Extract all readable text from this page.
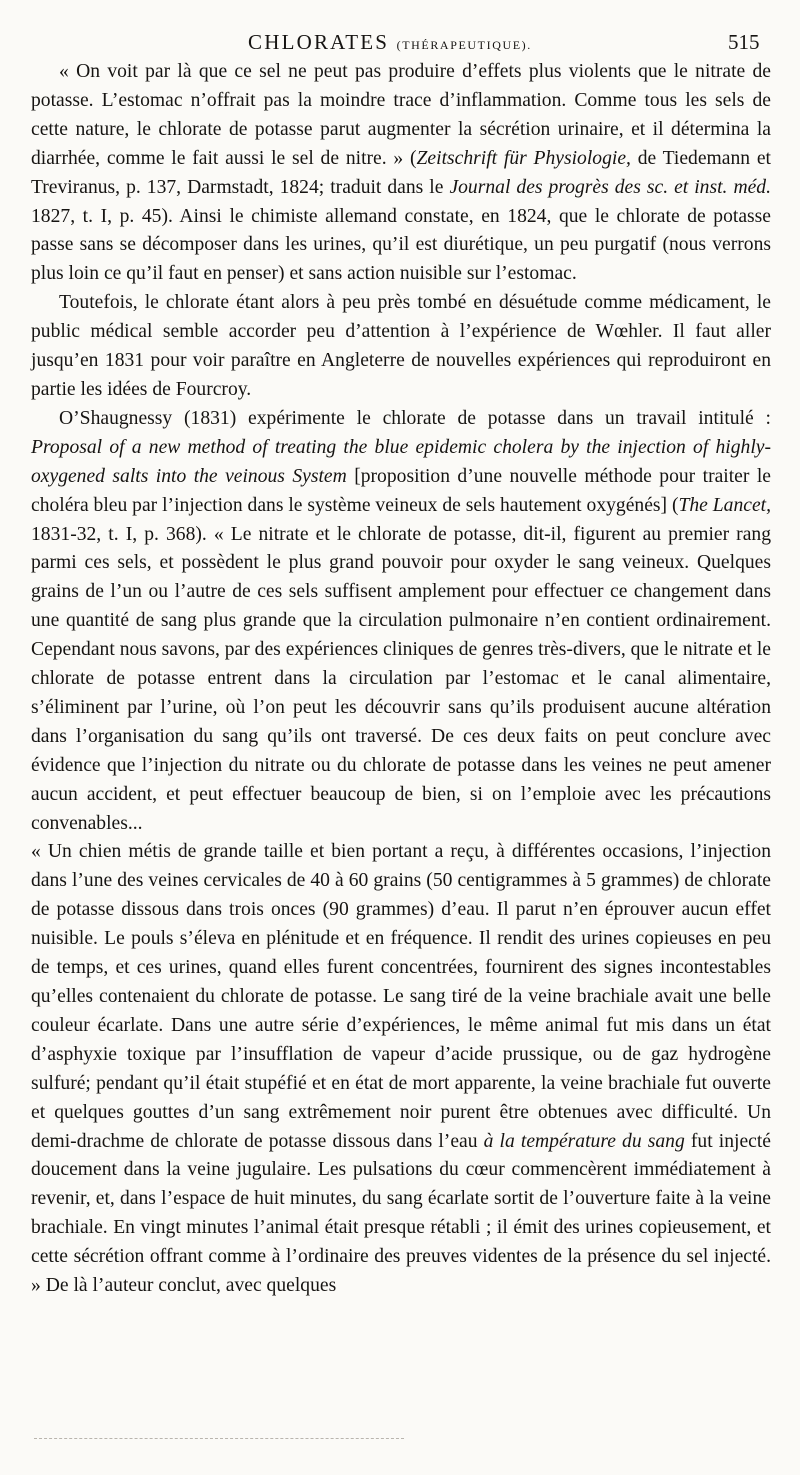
CHLORATES (THÉRAPEUTIQUE).	515

« On voit par là que ce sel ne peut pas produire d’effets plus violents que le nitrate de potasse. L’estomac n’offrait pas la moindre trace d’inflammation. Comme tous les sels de cette nature, le chlorate de potasse parut augmenter la sécrétion urinaire, et il détermina la diarrhée, comme le fait aussi le sel de nitre. » (Zeitschrift für Physiologie, de Tiedemann et Treviranus, p. 137, Darmstadt, 1824; traduit dans le Journal des progrès des sc. et inst. méd. 1827, t. I, p. 45). Ainsi le chimiste allemand constate, en 1824, que le chlorate de potasse passe sans se décomposer dans les urines, qu’il est diurétique, un peu purgatif (nous verrons plus loin ce qu’il faut en penser) et sans action nuisible sur l’estomac.

Toutefois, le chlorate étant alors à peu près tombé en désuétude comme médicament, le public médical semble accorder peu d’attention à l’expérience de Wœhler. Il faut aller jusqu’en 1831 pour voir paraître en Angleterre de nouvelles expériences qui reproduiront en partie les idées de Fourcroy.

O’Shaugnessy (1831) expérimente le chlorate de potasse dans un travail intitulé : Proposal of a new method of treating the blue epidemic cholera by the injection of highly-oxygened salts into the veinous System [proposition d’une nouvelle méthode pour traiter le choléra bleu par l’injection dans le système veineux de sels hautement oxygénés] (The Lancet, 1831-32, t. I, p. 368). « Le nitrate et le chlorate de potasse, dit-il, figurent au premier rang parmi ces sels, et possèdent le plus grand pouvoir pour oxyder le sang veineux. Quelques grains de l’un ou l’autre de ces sels suffisent amplement pour effectuer ce changement dans une quantité de sang plus grande que la circulation pulmonaire n’en contient ordinairement. Cependant nous savons, par des expériences cliniques de genres très-divers, que le nitrate et le chlorate de potasse entrent dans la circulation par l’estomac et le canal alimentaire, s’éliminent par l’urine, où l’on peut les découvrir sans qu’ils produisent aucune altération dans l’organisation du sang qu’ils ont traversé. De ces deux faits on peut conclure avec évidence que l’injection du nitrate ou du chlorate de potasse dans les veines ne peut amener aucun accident, et peut effectuer beaucoup de bien, si on l’emploie avec les précautions convenables...

« Un chien métis de grande taille et bien portant a reçu, à différentes occasions, l’injection dans l’une des veines cervicales de 40 à 60 grains (50 centigrammes à 5 grammes) de chlorate de potasse dissous dans trois onces (90 grammes) d’eau. Il parut n’en éprouver aucun effet nuisible. Le pouls s’éleva en plénitude et en fréquence. Il rendit des urines copieuses en peu de temps, et ces urines, quand elles furent concentrées, fournirent des signes incontestables qu’elles contenaient du chlorate de potasse. Le sang tiré de la veine brachiale avait une belle couleur écarlate. Dans une autre série d’expériences, le même animal fut mis dans un état d’asphyxie toxique par l’insufflation de vapeur d’acide prussique, ou de gaz hydrogène sulfuré; pendant qu’il était stupéfié et en état de mort apparente, la veine brachiale fut ouverte et quelques gouttes d’un sang extrêmement noir purent être obtenues avec difficulté. Un demi-drachme de chlorate de potasse dissous dans l’eau à la température du sang fut injecté doucement dans la veine jugulaire. Les pulsations du cœur commencèrent immédiatement à revenir, et, dans l’espace de huit minutes, du sang écarlate sortit de l’ouverture faite à la veine brachiale. En vingt minutes l’animal était presque rétabli ; il émit des urines copieusement, et cette sécrétion offrant comme à l’ordinaire des preuves videntes de la présence du sel injecté. » De là l’auteur conclut, avec quelques
